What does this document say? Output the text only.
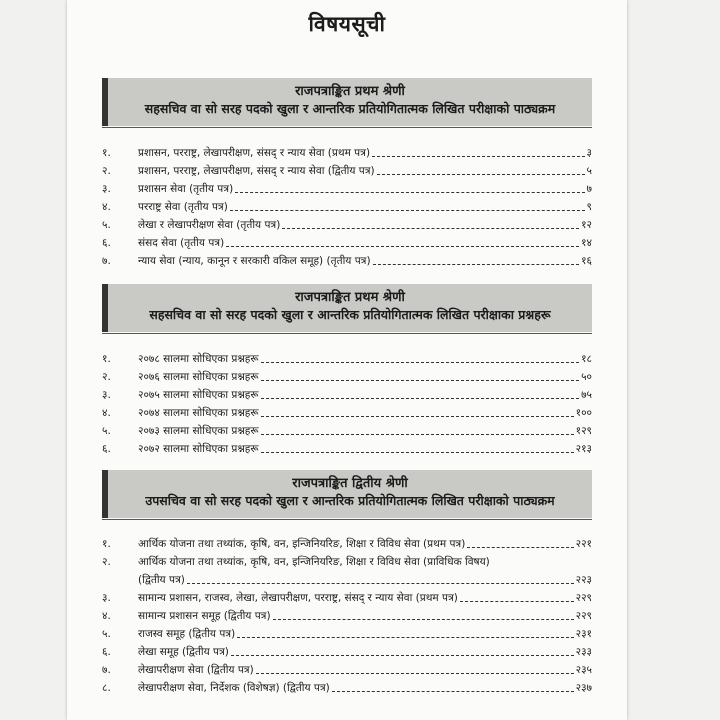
विषयसूची
राजपत्राङ्कित प्रथम श्रेणी
सहसचिव वा सो सरह पदको खुला र आन्तरिक प्रतियोगितात्मक लिखित परीक्षाको पाठ्यक्रम
१.	प्रशासन, परराष्ट्र, लेखापरीक्षण, संसद् र न्याय सेवा (प्रथम पत्र)	३
२.	प्रशासन, परराष्ट्र, लेखापरीक्षण, संसद् र न्याय सेवा (द्वितीय पत्र)	५
३.	प्रशासन सेवा (तृतीय पत्र)	७
४.	परराष्ट्र सेवा (तृतीय पत्र)	९
५.	लेखा र लेखापरीक्षण सेवा (तृतीय पत्र)	१२
६.	संसद सेवा (तृतीय पत्र)	१४
७.	न्याय सेवा (न्याय, कानून र सरकारी वकिल समूह) (तृतीय पत्र)	१६
राजपत्राङ्कित प्रथम श्रेणी
सहसचिव वा सो सरह पदको खुला र आन्तरिक प्रतियोगितात्मक लिखित परीक्षाका प्रश्नहरू
१.	२०७८ सालमा सोधिएका प्रश्नहरू	१८
२.	२०७६ सालमा सोधिएका प्रश्नहरू	५०
३.	२०७५ सालमा सोधिएका प्रश्नहरू	७५
४.	२०७४ सालमा सोधिएका प्रश्नहरू	१००
५.	२०७३ सालमा सोधिएका प्रश्नहरू	१२९
६.	२०७२ सालमा सोधिएका प्रश्नहरू	२१३
राजपत्राङ्कित द्वितीय श्रेणी
उपसचिव वा सो सरह पदको खुला र आन्तरिक प्रतियोगितात्मक लिखित परीक्षाको पाठ्यक्रम
१.	आर्थिक योजना तथा तथ्यांक, कृषि, वन, इन्जिनियरिङ, शिक्षा र विविध सेवा (प्रथम पत्र)	२२१
२.	आर्थिक योजना तथा तथ्यांक, कृषि, वन, इन्जिनियरिङ, शिक्षा र विविध सेवा (प्राविधिक विषय)
(द्वितीय पत्र)	२२३
३.	सामान्य प्रशासन, राजस्व, लेखा, लेखापरीक्षण, परराष्ट्र, संसद् र न्याय सेवा (प्रथम पत्र)	२२९
४.	सामान्य प्रशासन समूह (द्वितीय पत्र)	२२९
५.	राजस्व समूह (द्वितीय पत्र)	२३१
६.	लेखा समूह (द्वितीय पत्र)	२३३
७.	लेखापरीक्षण सेवा (द्वितीय पत्र)	२३५
८.	लेखापरीक्षण सेवा, निर्देशक (विशेषज्ञ) (द्वितीय पत्र)	२३७
